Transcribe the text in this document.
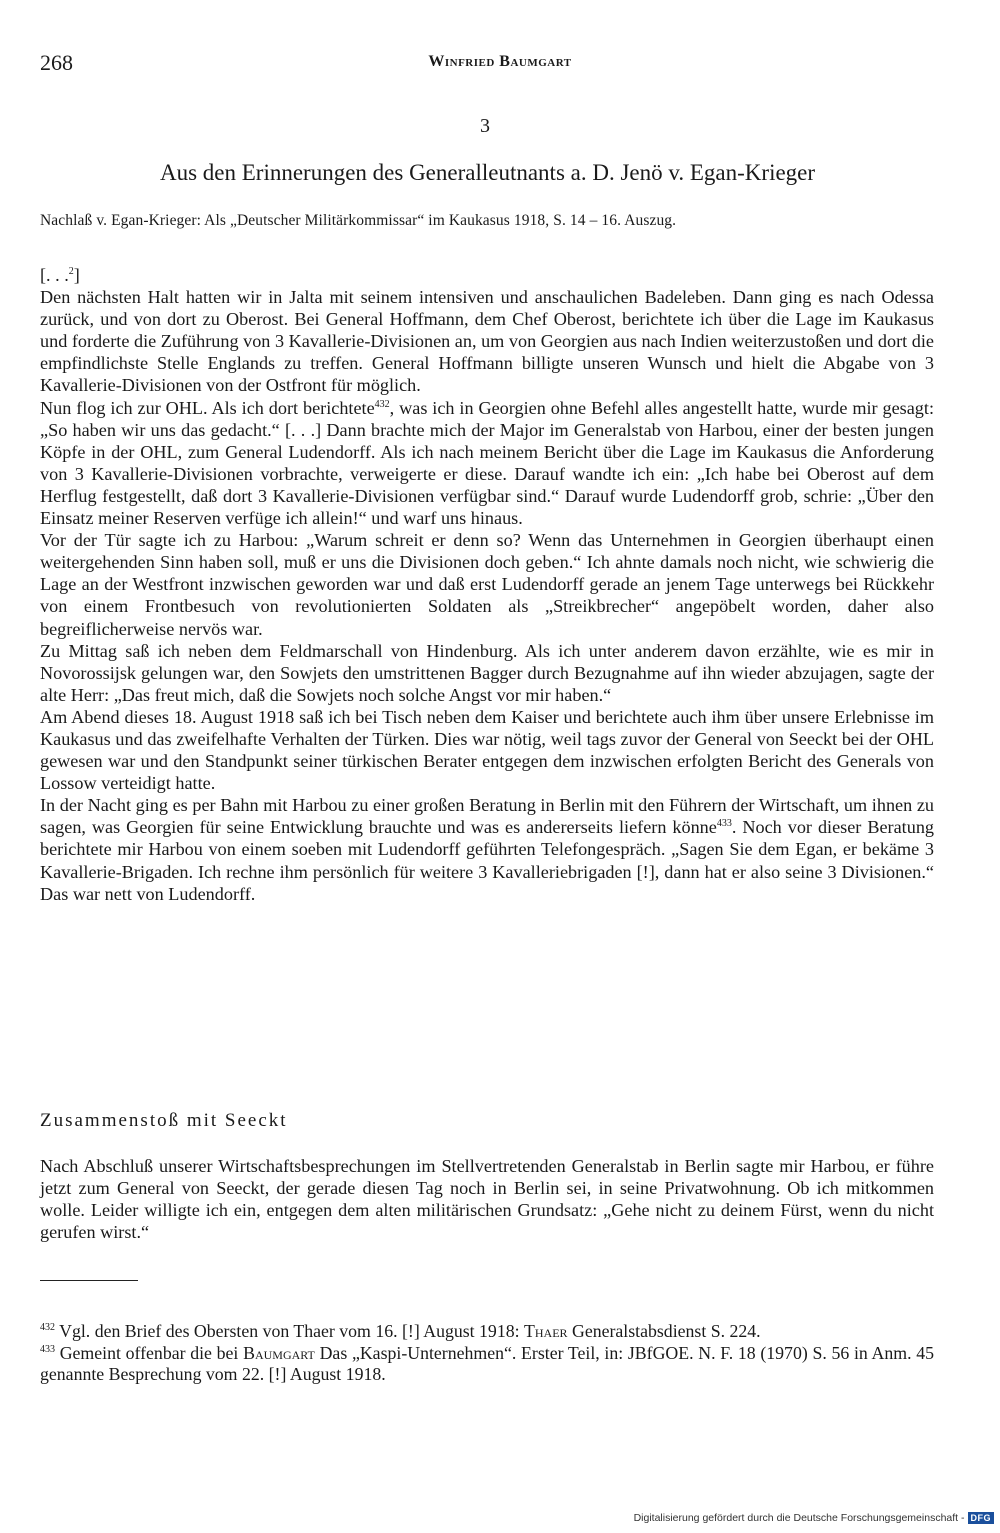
268	Winfried Baumgart
3
Aus den Erinnerungen des Generalleutnants a. D. Jenö v. Egan-Krieger
Nachlaß v. Egan-Krieger: Als „Deutscher Militärkommissar“ im Kaukasus 1918, S. 14 – 16. Auszug.

[. . .$^2$]

Den nächsten Halt hatten wir in Jalta mit seinem intensiven und anschaulichen Badeleben. Dann ging es nach Odessa zurück, und von dort zu Oberost. Bei General Hoffmann, dem Chef Oberost, berichtete ich über die Lage im Kaukasus und forderte die Zuführung von 3 Kavallerie-Divisionen an, um von Georgien aus nach Indien weiterzustoßen und dort die empfindlichste Stelle Englands zu treffen. General Hoffmann billigte unseren Wunsch und hielt die Abgabe von 3 Kavallerie-Divisionen von der Ostfront für möglich.

Nun flog ich zur OHL. Als ich dort berichtete$^{432}$, was ich in Georgien ohne Befehl alles angestellt hatte, wurde mir gesagt: „So haben wir uns das gedacht.“ [. . .] Dann brachte mich der Major im Generalstab von Harbou, einer der besten jungen Köpfe in der OHL, zum General Ludendorff. Als ich nach meinem Bericht über die Lage im Kaukasus die Anforderung von 3 Kavallerie-Divisionen vorbrachte, verweigerte er diese. Darauf wandte ich ein: „Ich habe bei Oberost auf dem Herflug festgestellt, daß dort 3 Kavallerie-Divisionen verfügbar sind.“ Darauf wurde Ludendorff grob, schrie: „Über den Einsatz meiner Reserven verfüge ich allein!“ und warf uns hinaus.

Vor der Tür sagte ich zu Harbou: „Warum schreit er denn so? Wenn das Unternehmen in Georgien überhaupt einen weitergehenden Sinn haben soll, muß er uns die Divisionen doch geben.“ Ich ahnte damals noch nicht, wie schwierig die Lage an der Westfront inzwischen geworden war und daß erst Ludendorff gerade an jenem Tage unterwegs bei Rückkehr von einem Frontbesuch von revolutionierten Soldaten als „Streikbrecher“ angepöbelt worden, daher also begreiflicherweise nervös war.

Zu Mittag saß ich neben dem Feldmarschall von Hindenburg. Als ich unter anderem davon erzählte, wie es mir in Novorossijsk gelungen war, den Sowjets den umstrittenen Bagger durch Bezugnahme auf ihn wieder abzujagen, sagte der alte Herr: „Das freut mich, daß die Sowjets noch solche Angst vor mir haben.“

Am Abend dieses 18. August 1918 saß ich bei Tisch neben dem Kaiser und berichtete auch ihm über unsere Erlebnisse im Kaukasus und das zweifelhafte Verhalten der Türken. Dies war nötig, weil tags zuvor der General von Seeckt bei der OHL gewesen war und den Standpunkt seiner türkischen Berater entgegen dem inzwischen erfolgten Bericht des Generals von Lossow verteidigt hatte.

In der Nacht ging es per Bahn mit Harbou zu einer großen Beratung in Berlin mit den Führern der Wirtschaft, um ihnen zu sagen, was Georgien für seine Entwicklung brauchte und was es andererseits liefern könne$^{433}$. Noch vor dieser Beratung berichtete mir Harbou von einem soeben mit Ludendorff geführten Telefongespräch. „Sagen Sie dem Egan, er bekäme 3 Kavallerie-Brigaden. Ich rechne ihm persönlich für weitere 3 Kavalleriebrigaden [!], dann hat er also seine 3 Divisionen.“ Das war nett von Ludendorff.

Zusammenstoß mit Seeckt

Nach Abschluß unserer Wirtschaftsbesprechungen im Stellvertretenden Generalstab in Berlin sagte mir Harbou, er führe jetzt zum General von Seeckt, der gerade diesen Tag noch in Berlin sei, in seine Privatwohnung. Ob ich mitkommen wolle. Leider willigte ich ein, entgegen dem alten militärischen Grundsatz: „Gehe nicht zu deinem Fürst, wenn du nicht gerufen wirst.“

$^{432}$ Vgl. den Brief des Obersten von Thaer vom 16. [!] August 1918: Thaer Generalstabsdienst S. 224.

$^{433}$ Gemeint offenbar die bei Baumgart Das „Kaspi-Unternehmen“. Erster Teil, in: JBfGOE. N. F. 18 (1970) S. 56 in Anm. 45 genannte Besprechung vom 22. [!] August 1918.

Digitalisierung gefördert durch die Deutsche Forschungsgemeinschaft - DFG
